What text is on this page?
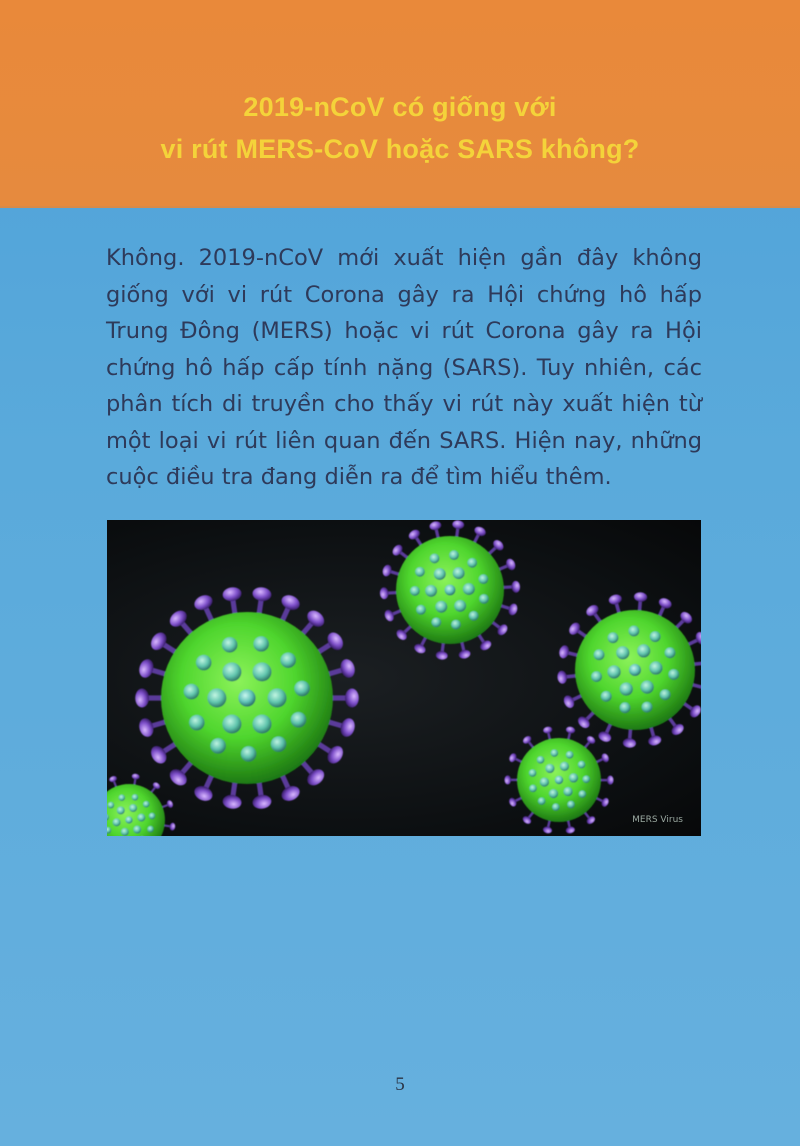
2019-nCoV có giống với
vi rút MERS-CoV hoặc SARS không?

Không. 2019-nCoV mới xuất hiện gần đây không giống với vi rút Corona gây ra Hội chứng hô hấp Trung Đông (MERS) hoặc vi rút Corona gây ra Hội chứng hô hấp cấp tính nặng (SARS). Tuy nhiên, các phân tích di truyền cho thấy vi rút này xuất hiện từ một loại vi rút liên quan đến SARS. Hiện nay, những cuộc điều tra đang diễn ra để tìm hiểu thêm.

MERS Virus
5
